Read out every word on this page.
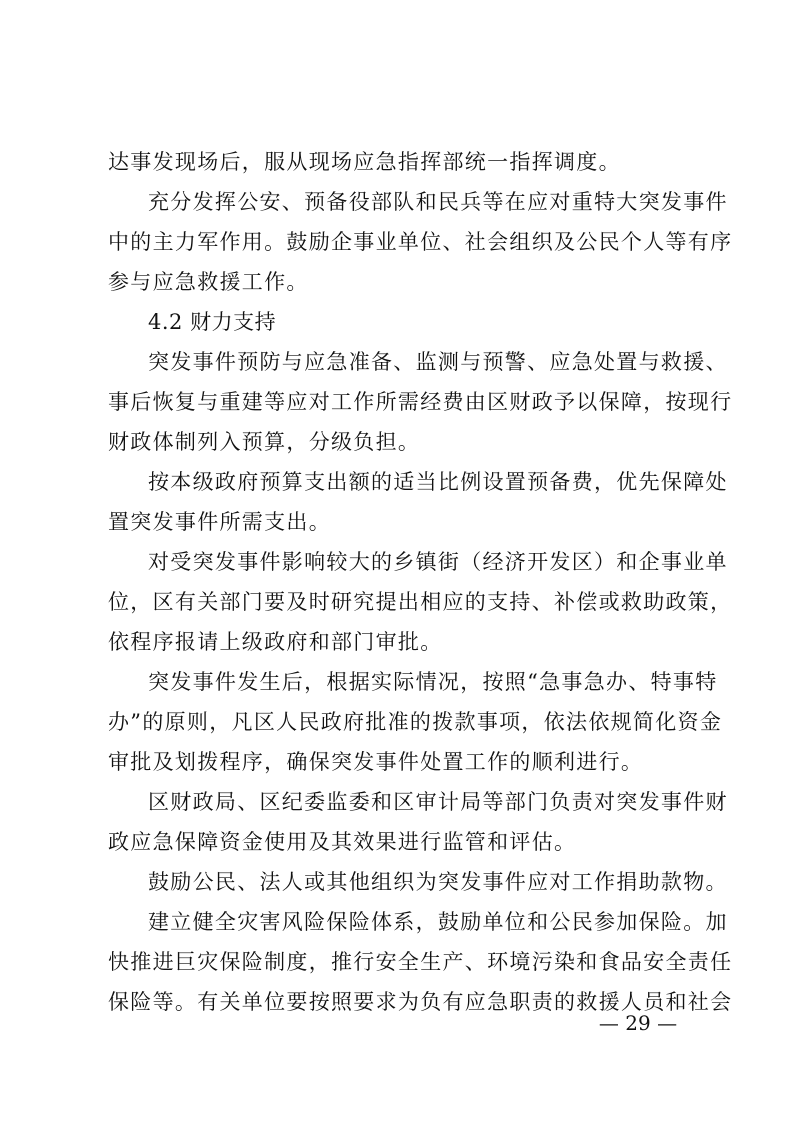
达事发现场后，服从现场应急指挥部统一指挥调度。
充分发挥公安、预备役部队和民兵等在应对重特大突发事件
中的主力军作用。鼓励企事业单位、社会组织及公民个人等有序
参与应急救援工作。
4.2 财力支持
突发事件预防与应急准备、监测与预警、应急处置与救援、
事后恢复与重建等应对工作所需经费由区财政予以保障，按现行
财政体制列入预算，分级负担。
按本级政府预算支出额的适当比例设置预备费，优先保障处
置突发事件所需支出。
对受突发事件影响较大的乡镇街（经济开发区）和企事业单
位，区有关部门要及时研究提出相应的支持、补偿或救助政策，
依程序报请上级政府和部门审批。
突发事件发生后，根据实际情况，按照“急事急办、特事特
办”的原则，凡区人民政府批准的拨款事项，依法依规简化资金
审批及划拨程序，确保突发事件处置工作的顺利进行。
区财政局、区纪委监委和区审计局等部门负责对突发事件财
政应急保障资金使用及其效果进行监管和评估。
鼓励公民、法人或其他组织为突发事件应对工作捐助款物。
建立健全灾害风险保险体系，鼓励单位和公民参加保险。加
快推进巨灾保险制度，推行安全生产、环境污染和食品安全责任
保险等。有关单位要按照要求为负有应急职责的救援人员和社会
— 29 —
